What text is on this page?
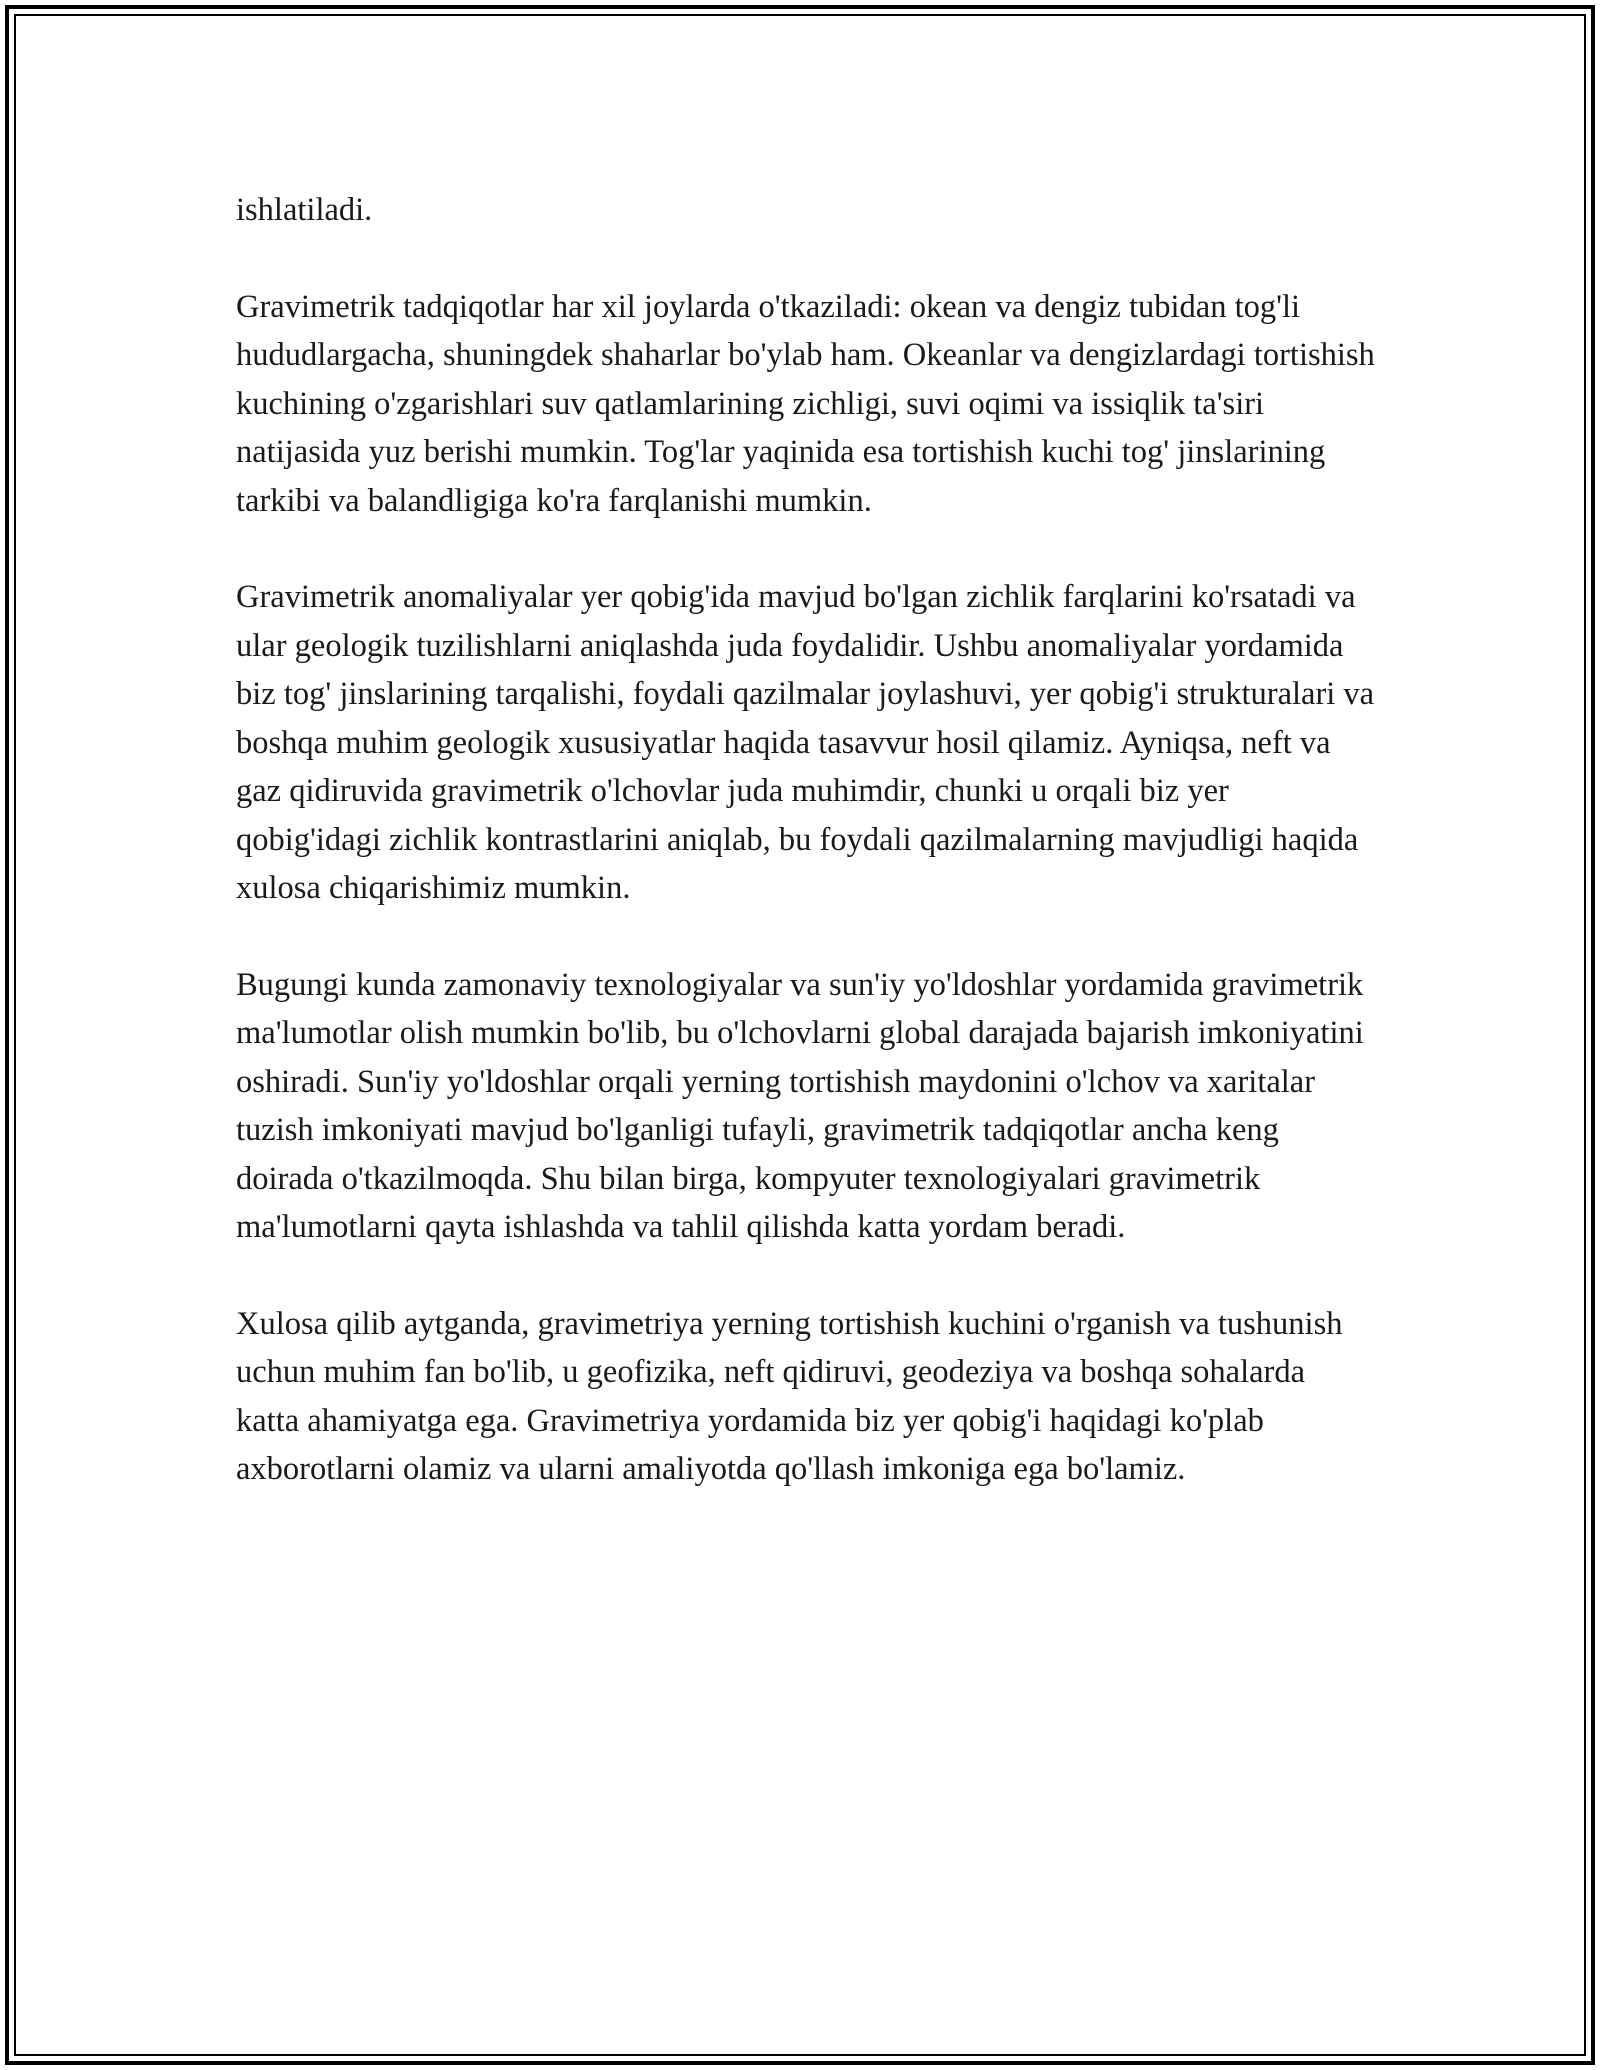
ishlatiladi.

Gravimetrik tadqiqotlar har xil joylarda o'tkaziladi: okean va dengiz tubidan tog'li hududlargacha, shuningdek shaharlar bo'ylab ham. Okeanlar va dengizlardagi tortishish kuchining o'zgarishlari suv qatlamlarining zichligi, suvi oqimi va issiqlik ta'siri natijasida yuz berishi mumkin. Tog'lar yaqinida esa tortishish kuchi tog' jinslarining tarkibi va balandligiga ko'ra farqlanishi mumkin.

Gravimetrik anomaliyalar yer qobig'ida mavjud bo'lgan zichlik farqlarini ko'rsatadi va ular geologik tuzilishlarni aniqlashda juda foydalidir. Ushbu anomaliyalar yordamida biz tog' jinslarining tarqalishi, foydali qazilmalar joylashuvi, yer qobig'i strukturalari va boshqa muhim geologik xususiyatlar haqida tasavvur hosil qilamiz. Ayniqsa, neft va gaz qidiruvida gravimetrik o'lchovlar juda muhimdir, chunki u orqali biz yer qobig'idagi zichlik kontrastlarini aniqlab, bu foydali qazilmalarning mavjudligi haqida xulosa chiqarishimiz mumkin.

Bugungi kunda zamonaviy texnologiyalar va sun'iy yo'ldoshlar yordamida gravimetrik ma'lumotlar olish mumkin bo'lib, bu o'lchovlarni global darajada bajarish imkoniyatini oshiradi. Sun'iy yo'ldoshlar orqali yerning tortishish maydonini o'lchov va xaritalar tuzish imkoniyati mavjud bo'lganligi tufayli, gravimetrik tadqiqotlar ancha keng doirada o'tkazilmoqda. Shu bilan birga, kompyuter texnologiyalari gravimetrik ma'lumotlarni qayta ishlashda va tahlil qilishda katta yordam beradi.

Xulosa qilib aytganda, gravimetriya yerning tortishish kuchini o'rganish va tushunish uchun muhim fan bo'lib, u geofizika, neft qidiruvi, geodeziya va boshqa sohalarda katta ahamiyatga ega. Gravimetriya yordamida biz yer qobig'i haqidagi ko'plab axborotlarni olamiz va ularni amaliyotda qo'llash imkoniga ega bo'lamiz.
